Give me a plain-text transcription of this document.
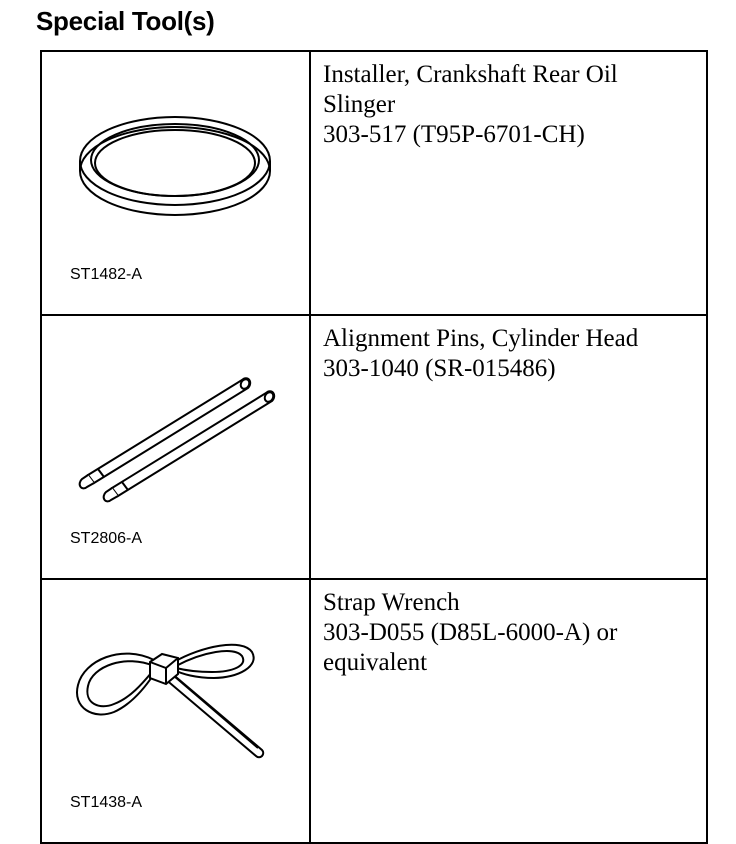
Special Tool(s)
ST1482-A	Installer, Crankshaft Rear Oil
Slinger
303-517 (T95P-6701-CH)

ST2806-A	Alignment Pins, Cylinder Head
303-1040 (SR-015486)

ST1438-A	Strap Wrench
303-D055 (D85L-6000-A) or
equivalent
